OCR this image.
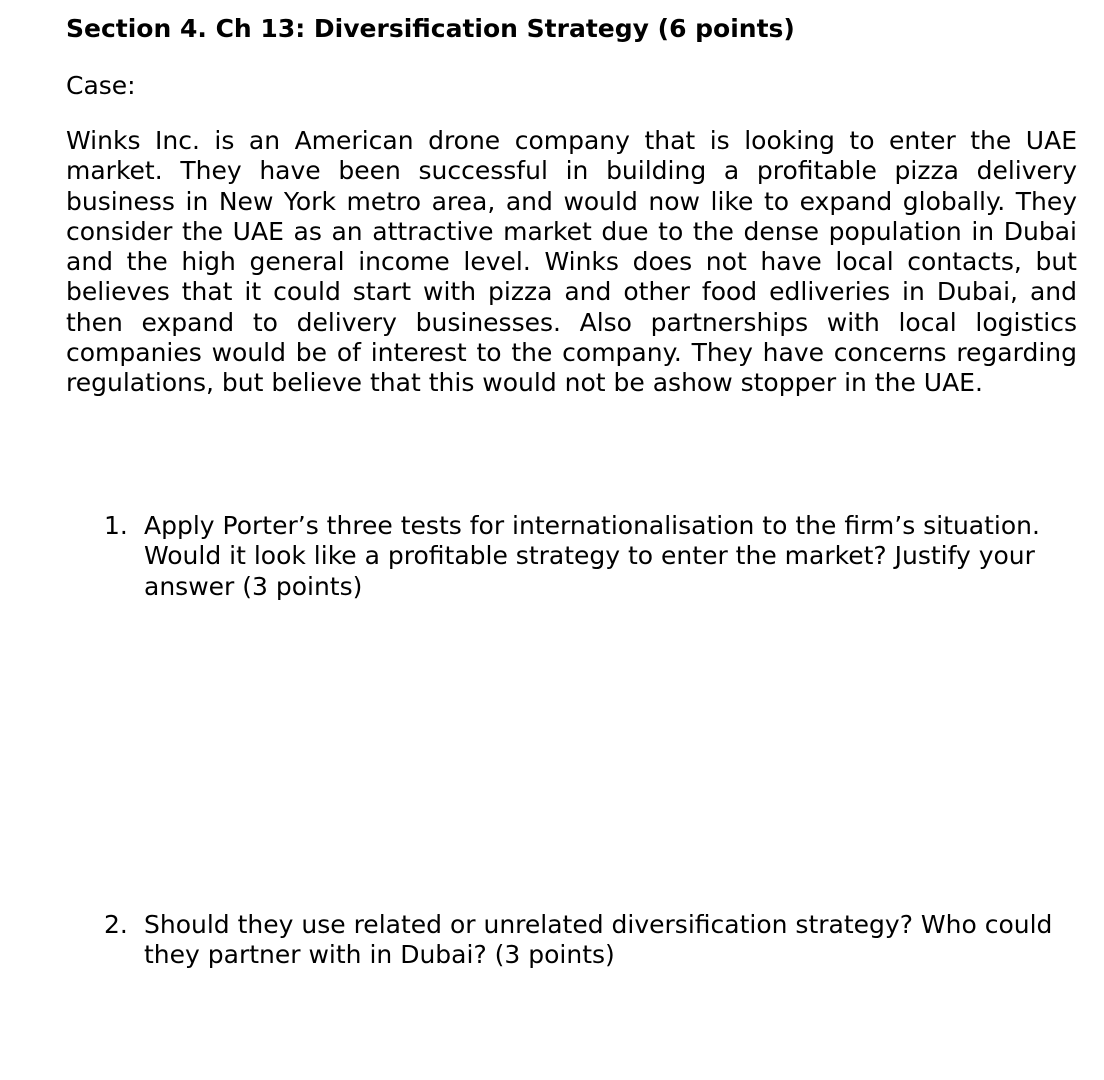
Section 4. Ch 13: Diversification Strategy (6 points)

Case:

Winks Inc. is an American drone company that is looking to enter the UAE market. They have been successful in building a profitable pizza delivery business in New York metro area, and would now like to expand globally. They consider the UAE as an attractive market due to the dense population in Dubai and the high general income level. Winks does not have local contacts, but believes that it could start with pizza and other food edliveries in Dubai, and then expand to delivery businesses. Also partnerships with local logistics companies would be of interest to the company. They have concerns regarding regulations, but believe that this would not be ashow stopper in the UAE.

1. Apply Porter’s three tests for internationalisation to the firm’s situation. Would it look like a profitable strategy to enter the market? Justify your answer (3 points)
2. Should they use related or unrelated diversification strategy? Who could they partner with in Dubai? (3 points)
